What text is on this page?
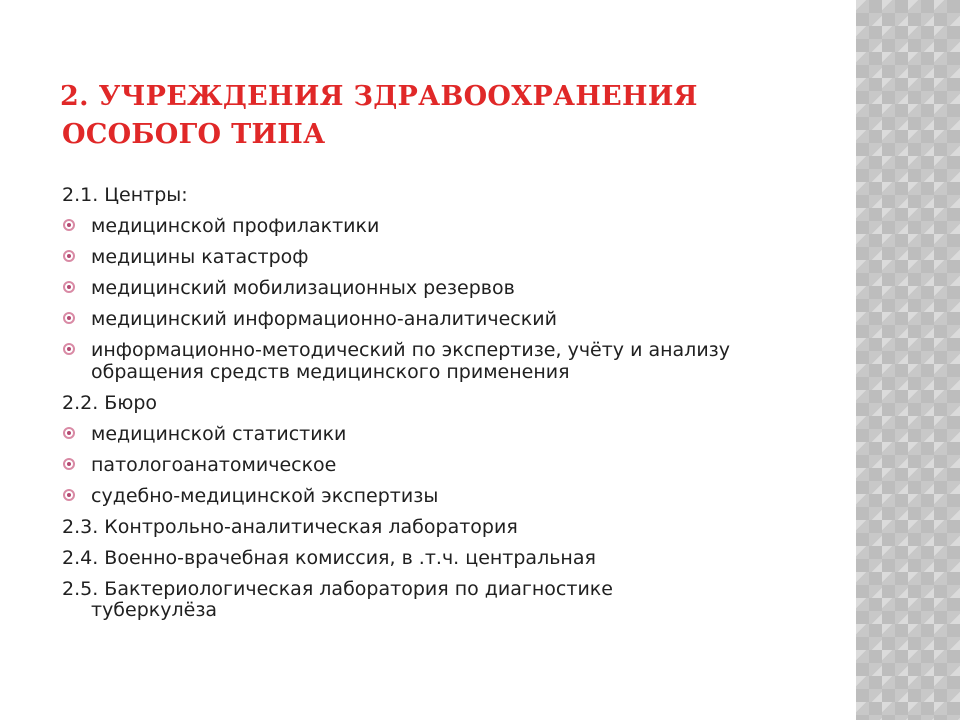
2. УЧРЕЖДЕНИЯ ЗДРАВООХРАНЕНИЯ
ОСОБОГО ТИПА
2.1. Центры:
медицинской профилактики
медицины катастроф
медицинский мобилизационных резервов
медицинский информационно-аналитический
информационно-методический по экспертизе, учёту и анализу обращения средств медицинского применения
2.2. Бюро
медицинской статистики
патологоанатомическое
судебно-медицинской экспертизы
2.3. Контрольно-аналитическая лаборатория
2.4. Военно-врачебная комиссия, в .т.ч. центральная
2.5. Бактериологическая лаборатория по диагностике
туберкулёза
